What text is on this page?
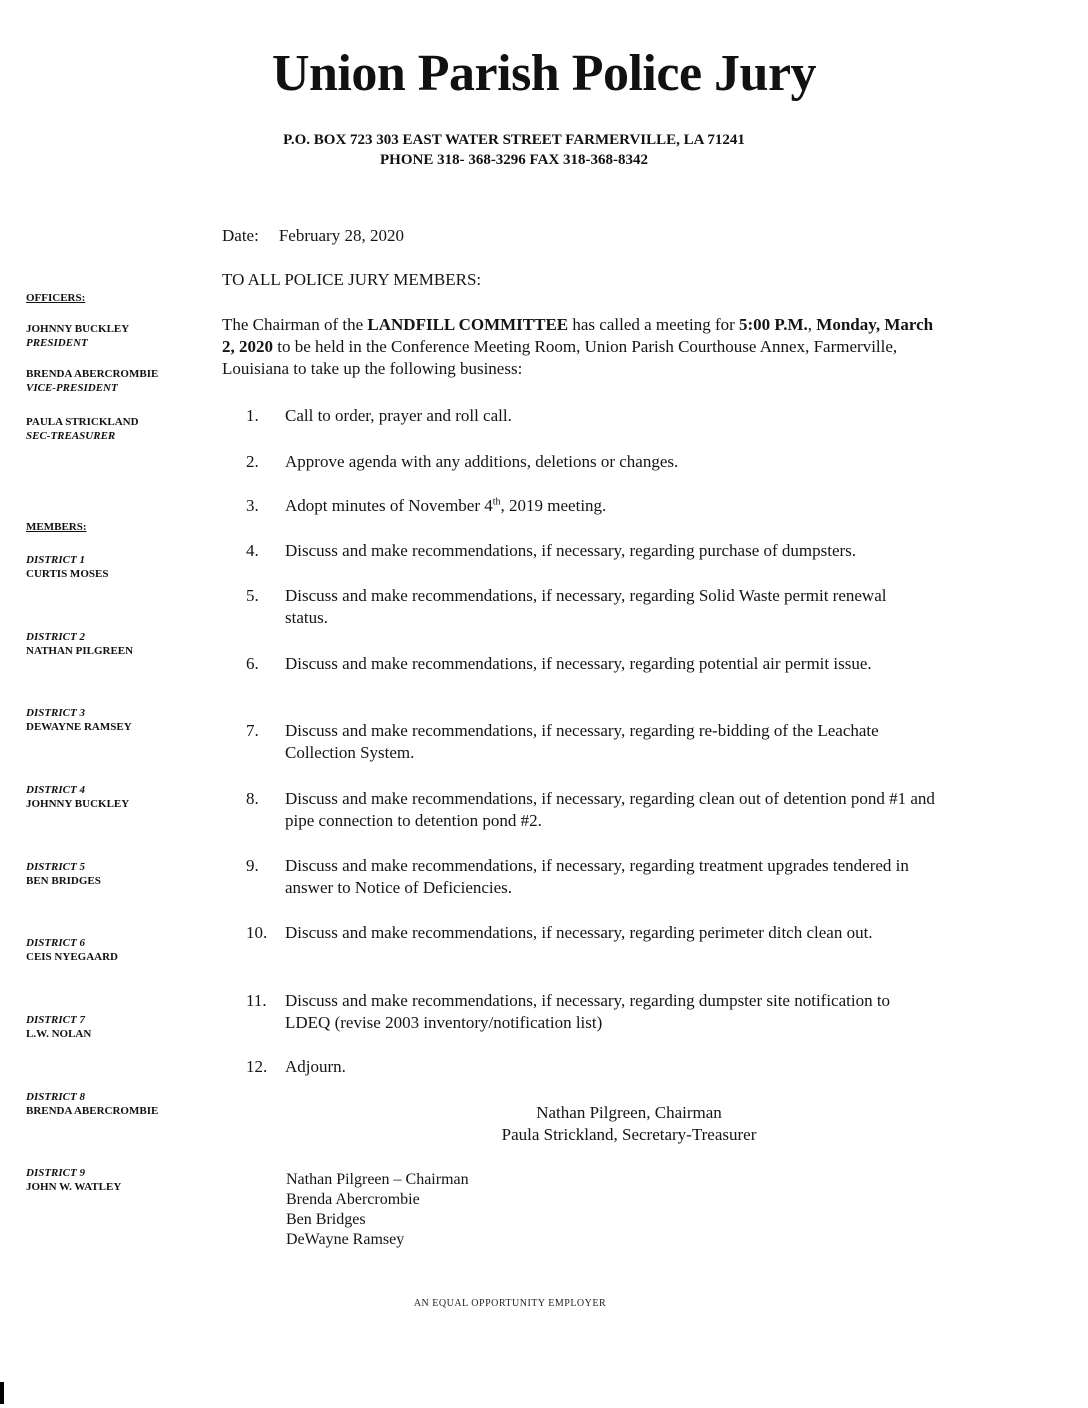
Union Parish Police Jury
P.O. BOX 723 303 EAST WATER STREET FARMERVILLE, LA 71241
PHONE 318- 368-3296 FAX 318-368-8342
Date: February 28, 2020
TO ALL POLICE JURY MEMBERS:
The Chairman of the LANDFILL COMMITTEE has called a meeting for 5:00 P.M., Monday, March 2, 2020 to be held in the Conference Meeting Room, Union Parish Courthouse Annex, Farmerville, Louisiana to take up the following business:
1.	Call to order, prayer and roll call.
2.	Approve agenda with any additions, deletions or changes.
3.	Adopt minutes of November 4th, 2019 meeting.
4.	Discuss and make recommendations, if necessary, regarding purchase of dumpsters.
5.	Discuss and make recommendations, if necessary, regarding Solid Waste permit renewal status.
6.	Discuss and make recommendations, if necessary, regarding potential air permit issue.
7.	Discuss and make recommendations, if necessary, regarding re-bidding of the Leachate Collection System.
8.	Discuss and make recommendations, if necessary, regarding clean out of detention pond #1 and pipe connection to detention pond #2.
9.	Discuss and make recommendations, if necessary, regarding treatment upgrades tendered in answer to Notice of Deficiencies.
10.	Discuss and make recommendations, if necessary, regarding perimeter ditch clean out.
11.	Discuss and make recommendations, if necessary, regarding dumpster site notification to LDEQ (revise 2003 inventory/notification list)
12.	Adjourn.
Nathan Pilgreen, Chairman
Paula Strickland, Secretary-Treasurer
Nathan Pilgreen – Chairman
Brenda Abercrombie
Ben Bridges
DeWayne Ramsey
AN EQUAL OPPORTUNITY EMPLOYER
OFFICERS:
JOHNNY BUCKLEY
PRESIDENT
BRENDA ABERCROMBIE
VICE-PRESIDENT
PAULA STRICKLAND
SEC-TREASURER
MEMBERS:
DISTRICT 1
CURTIS MOSES
DISTRICT 2
NATHAN PILGREEN
DISTRICT 3
DEWAYNE RAMSEY
DISTRICT 4
JOHNNY BUCKLEY
DISTRICT 5
BEN BRIDGES
DISTRICT 6
CEIS NYEGAARD
DISTRICT 7
L.W. NOLAN
DISTRICT 8
BRENDA ABERCROMBIE
DISTRICT 9
JOHN W. WATLEY
